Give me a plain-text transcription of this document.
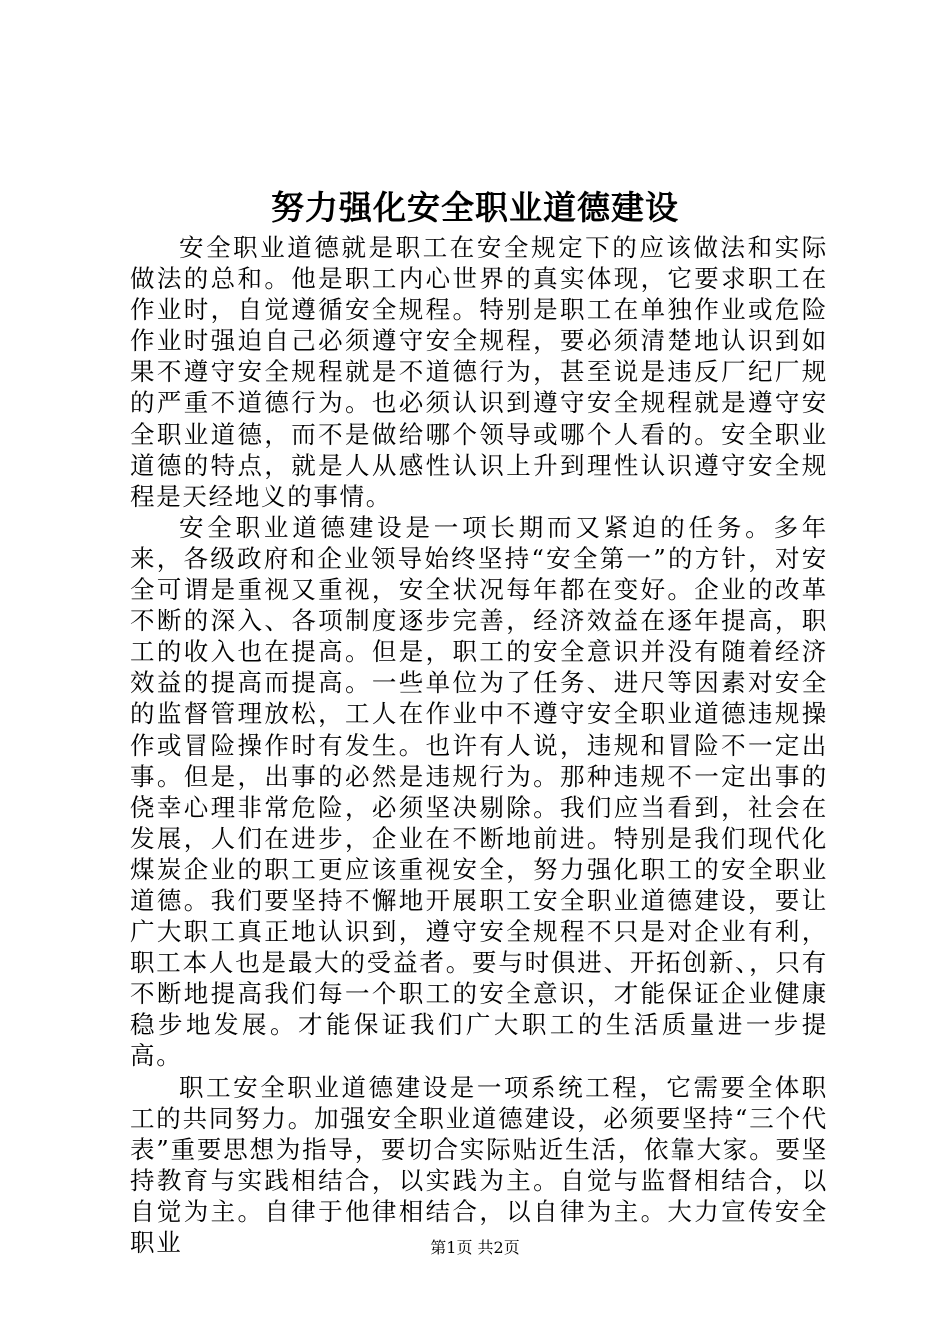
努力强化安全职业道德建设

安全职业道德就是职工在安全规定下的应该做法和实际做法的总和。他是职工内心世界的真实体现，它要求职工在作业时，自觉遵循安全规程。特别是职工在单独作业或危险作业时强迫自己必须遵守安全规程，要必须清楚地认识到如果不遵守安全规程就是不道德行为，甚至说是违反厂纪厂规的严重不道德行为。也必须认识到遵守安全规程就是遵守安全职业道德，而不是做给哪个领导或哪个人看的。安全职业道德的特点，就是人从感性认识上升到理性认识遵守安全规程是天经地义的事情。

安全职业道德建设是一项长期而又紧迫的任务。多年来，各级政府和企业领导始终坚持“安全第一”的方针，对安全可谓是重视又重视，安全状况每年都在变好。企业的改革不断的深入、各项制度逐步完善，经济效益在逐年提高，职工的收入也在提高。但是，职工的安全意识并没有随着经济效益的提高而提高。一些单位为了任务、进尺等因素对安全的监督管理放松，工人在作业中不遵守安全职业道德违规操作或冒险操作时有发生。也许有人说，违规和冒险不一定出事。但是，出事的必然是违规行为。那种违规不一定出事的侥幸心理非常危险，必须坚决剔除。我们应当看到，社会在发展，人们在进步，企业在不断地前进。特别是我们现代化煤炭企业的职工更应该重视安全，努力强化职工的安全职业道德。我们要坚持不懈地开展职工安全职业道德建设，要让广大职工真正地认识到，遵守安全规程不只是对企业有利，职工本人也是最大的受益者。要与时俱进、开拓创新、，只有不断地提高我们每一个职工的安全意识，才能保证企业健康稳步地发展。才能保证我们广大职工的生活质量进一步提高。

职工安全职业道德建设是一项系统工程，它需要全体职工的共同努力。加强安全职业道德建设，必须要坚持“三个代表”重要思想为指导，要切合实际贴近生活，依靠大家。要坚持教育与实践相结合，以实践为主。自觉与监督相结合，以自觉为主。自律于他律相结合，以自律为主。大力宣传安全职业	第1页 共2页
